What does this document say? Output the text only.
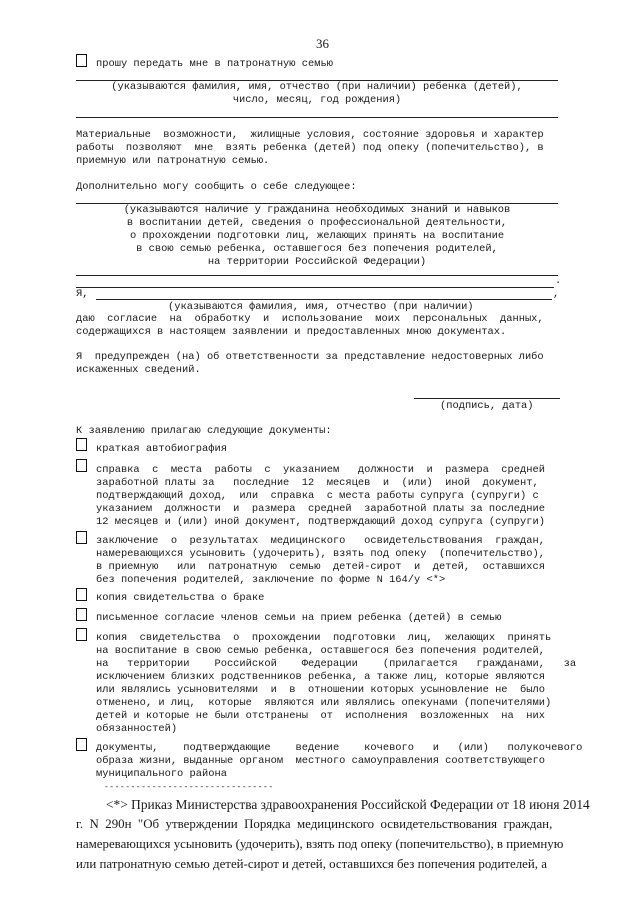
36
прошу передать мне в патронатную семью
(указываются фамилия, имя, отчество (при наличии) ребенка (детей),
число, месяц, год рождения)
Материальные  возможности,  жилищные условия, состояние здоровья и характер
работы  позволяют  мне  взять ребенка (детей) под опеку (попечительство), в
приемную или патронатную семью.
Дополнительно могу сообщить о себе следующее:
(указываются наличие у гражданина необходимых знаний и навыков
в воспитании детей, сведения о профессиональной деятельности,
о прохождении подготовки лиц, желающих принять на воспитание
в свою семью ребенка, оставшегося без попечения родителей,
на территории Российской Федерации)
.
Я,	,
(указываются фамилия, имя, отчество (при наличии)
даю  согласие  на  обработку  и  использование  моих  персональных  данных,
содержащихся в настоящем заявлении и предоставленных мною документах.
Я  предупрежден (на) об ответственности за представление недостоверных либо
искаженных сведений.
(подпись, дата)
К заявлению прилагаю следующие документы:
краткая автобиография
справка  с  места  работы  с  указанием   должности  и  размера  средней
заработной платы за   последние  12  месяцев  и  (или)  иной  документ,
подтверждающий доход,  или  справка  с места работы супруга (супруги) с
указанием  должности  и  размера  средней  заработной платы за последние
12 месяцев и (или) иной документ, подтверждающий доход супруга (супруги)
заключение  о  результатах  медицинского   освидетельствования  граждан,
намеревающихся усыновить (удочерить), взять под опеку  (попечительство),
в приемную   или  патронатную  семью  детей-сирот  и  детей,  оставшихся
без попечения родителей, заключение по форме N 164/у <*>
копия свидетельства о браке
письменное согласие членов семьи на прием ребенка (детей) в семью
копия  свидетельства  о  прохождении  подготовки  лиц,  желающих  принять
на воспитание в свою семью ребенка, оставшегося без попечения родителей,
на   территории    Российской    Федерации    (прилагается   гражданами,   за
исключением близких родственников ребенка, а также лиц, которые являются
или являлись усыновителями  и  в  отношении которых усыновление не  было
отменено, и лиц,  которые  являются или являлись опекунами (попечителями)
детей и которые не были отстранены  от  исполнения  возложенных  на  них
обязанностей)
документы,    подтверждающие    ведение    кочевого   и   (или)   полукочевого
образа жизни, выданные органом  местного самоуправления соответствующего
муниципального района
--------------------------------
<*> Приказ Министерства здравоохранения Российской Федерации от 18 июня 2014
г.  N  290н  "Об  утверждении  Порядка  медицинского  освидетельствования  граждан,
намеревающихся усыновить (удочерить), взять под опеку (попечительство), в приемную
или патронатную семью детей-сирот и детей, оставшихся без попечения родителей, а
